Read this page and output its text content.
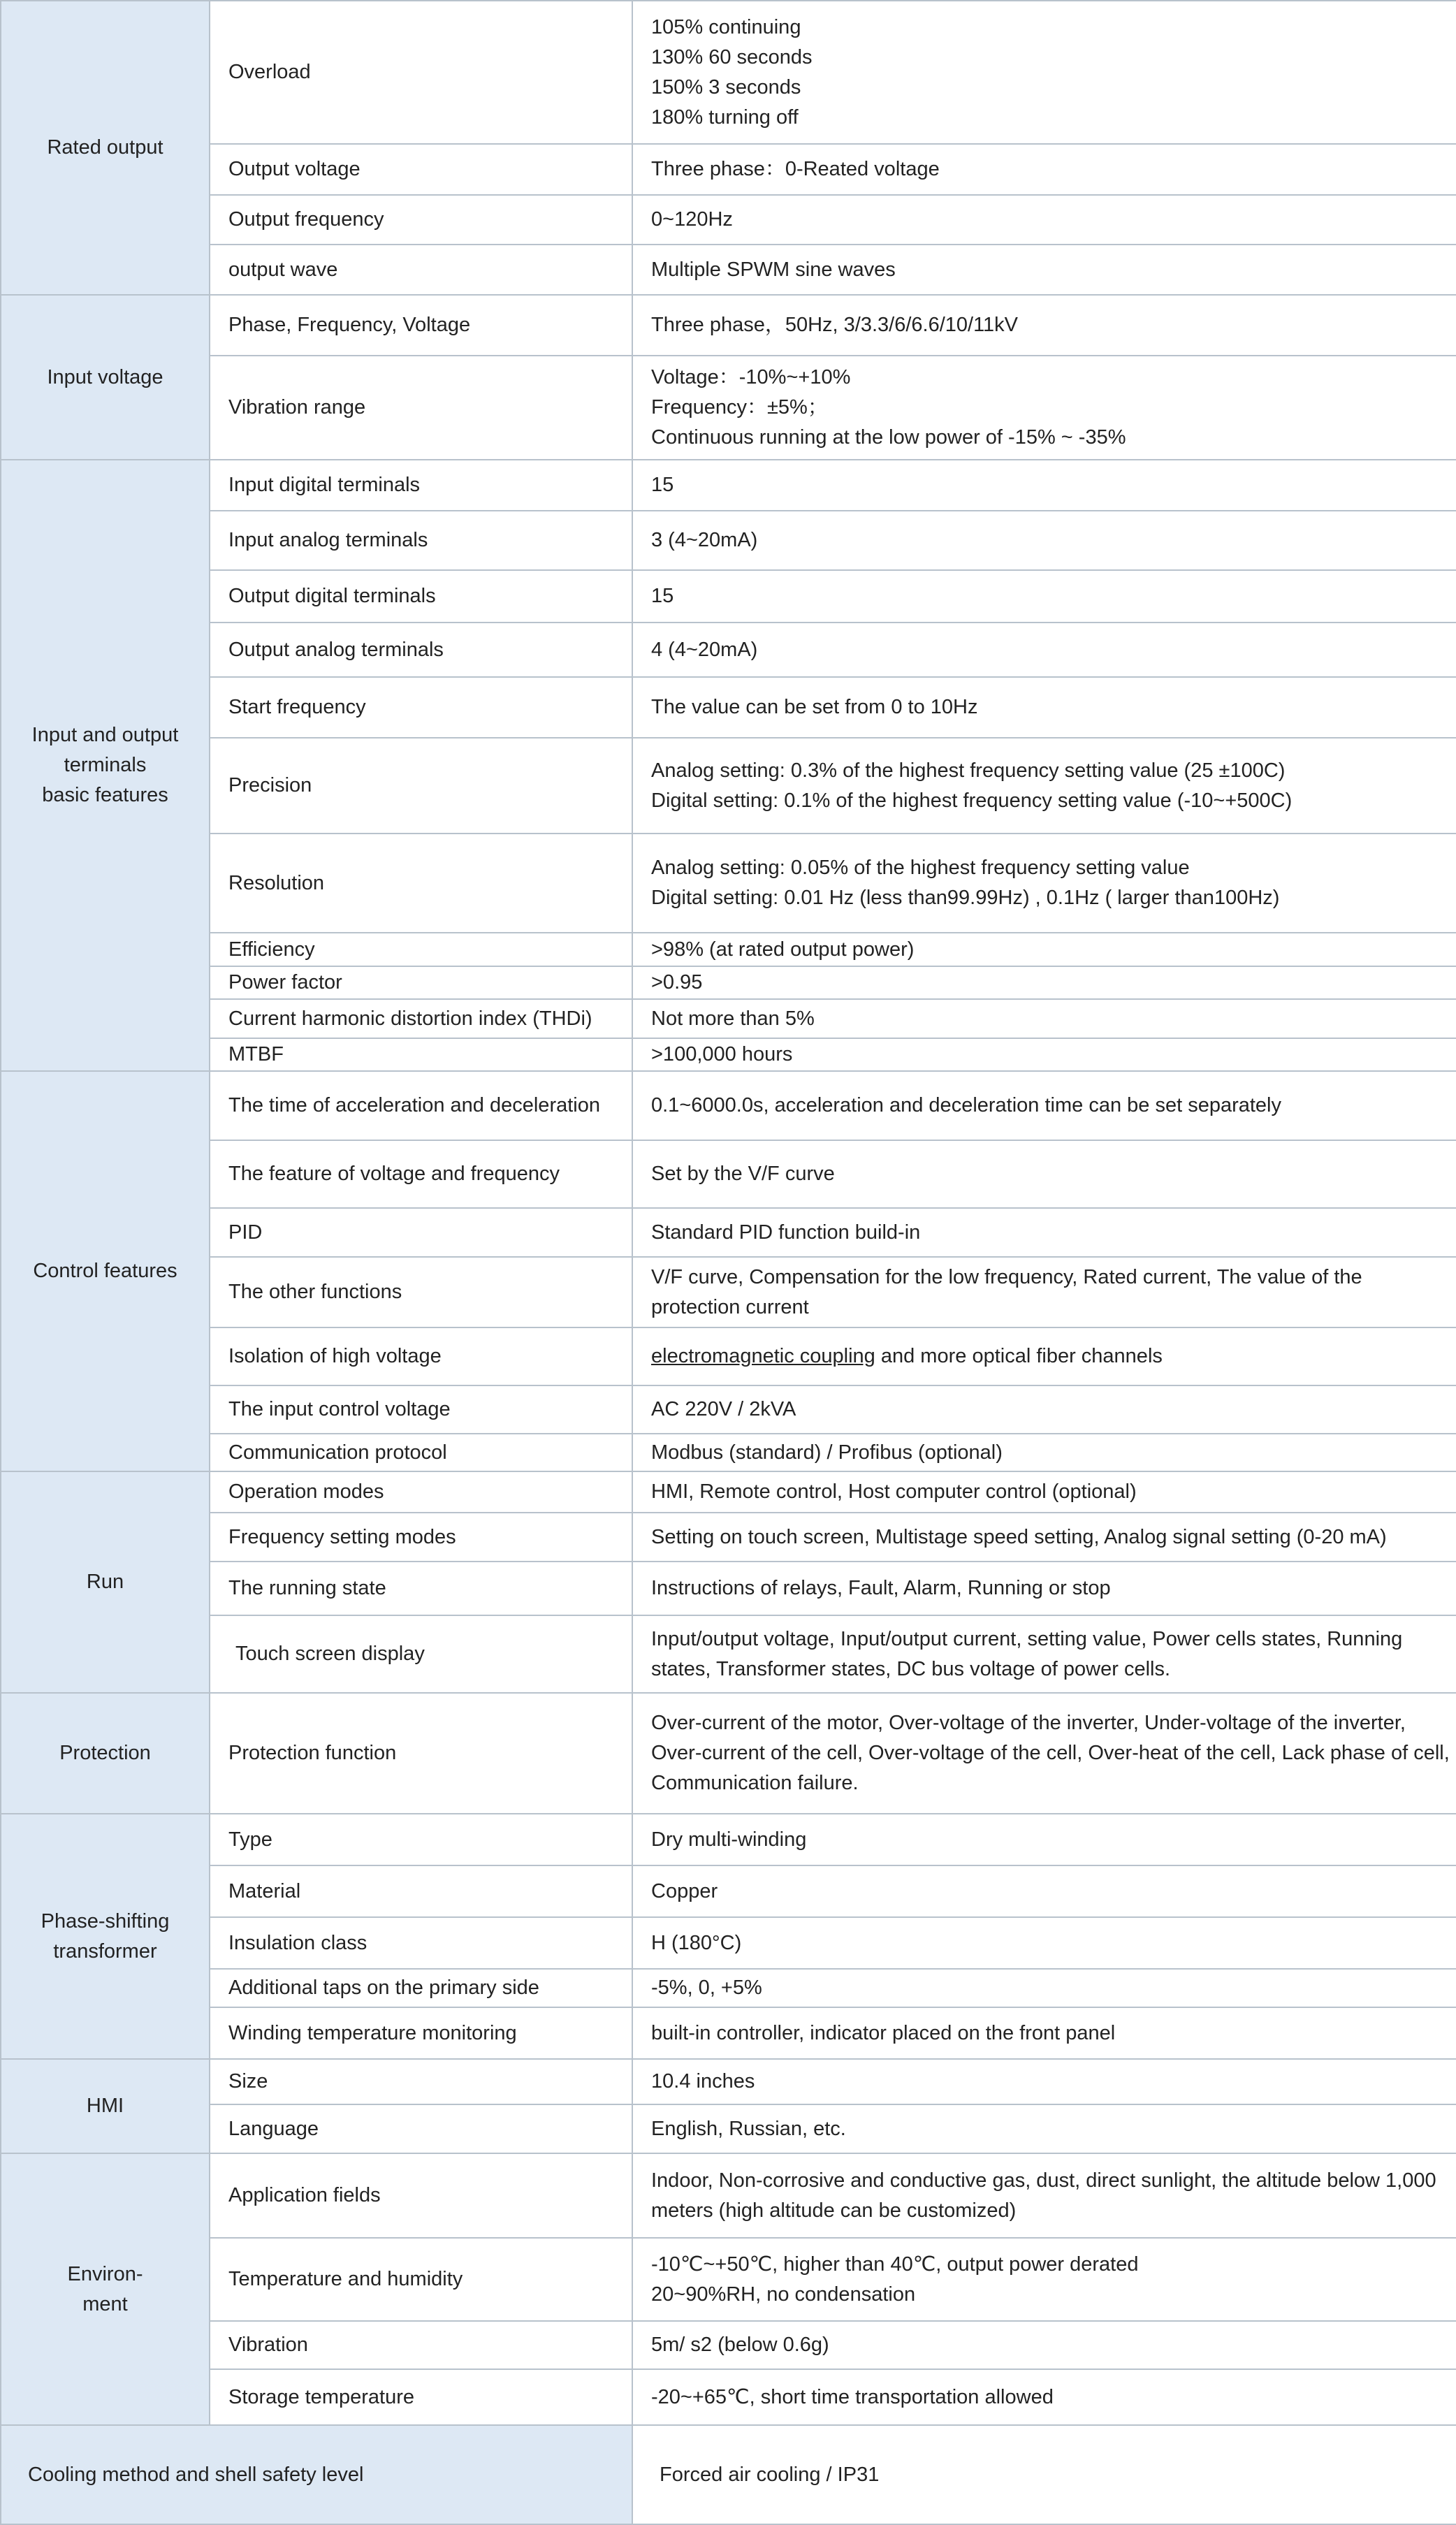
Rated output	Overload	105% continuing
130% 60 seconds
150% 3 seconds
180% turning off

	Output voltage	Three phase：0-Reated voltage

	Output frequency	0~120Hz

	output wave	Multiple SPWM sine waves

Input voltage	Phase, Frequency, Voltage	Three phase，50Hz, 3/3.3/6/6.6/10/11kV

	Vibration range	Voltage：-10%~+10%
Frequency：±5%；
Continuous running at the low power of -15% ~ -35%

Input and output
terminals
basic features	Input digital terminals	15

	Input analog terminals	3 (4~20mA)

	Output digital terminals	15

	Output analog terminals	4 (4~20mA)

	Start frequency	The value can be set from 0 to 10Hz

	Precision	Analog setting: 0.3% of the highest frequency setting value (25 ±100C)
Digital setting: 0.1% of the highest frequency setting value (-10~+500C)

	Resolution	Analog setting: 0.05% of the highest frequency setting value
Digital setting: 0.01 Hz (less than99.99Hz) , 0.1Hz ( larger than100Hz)

	Efficiency	>98% (at rated output power)

	Power factor	>0.95

	Current harmonic distortion index (THDi)	Not more than 5%

	MTBF	>100,000 hours

Control features	The time of acceleration and deceleration	0.1~6000.0s, acceleration and deceleration time can be set separately

	The feature of voltage and frequency	Set by the V/F curve

	PID	Standard PID function build-in

	The other functions	V/F curve, Compensation for the low frequency, Rated current, The value of the
protection current

	Isolation of high voltage	electromagnetic coupling and more optical fiber channels
	The input control voltage	AC 220V / 2kVA

	Communication protocol	Modbus (standard) / Profibus (optional)

Run	Operation modes	HMI, Remote control, Host computer control (optional)

	Frequency setting modes	Setting on touch screen, Multistage speed setting, Analog signal setting (0-20 mA)

	The running state	Instructions of relays, Fault, Alarm, Running or stop

	Touch screen display	Input/output voltage, Input/output current, setting value, Power cells states, Running
states, Transformer states, DC bus voltage of power cells.

Protection	Protection function	Over-current of the motor, Over-voltage of the inverter, Under-voltage of the inverter,
Over-current of the cell, Over-voltage of the cell, Over-heat of the cell, Lack phase of cell,
Communication failure.

Phase-shifting
transformer	Type	Dry multi-winding

	Material	Copper

	Insulation class	H (180°C)

	Additional taps on the primary side	-5%, 0, +5%

	Winding temperature monitoring	built-in controller, indicator placed on the front panel

HMI	Size	10.4 inches

	Language	English, Russian, etc.

Environ-
ment	Application fields	Indoor, Non-corrosive and conductive gas, dust, direct sunlight, the altitude below 1,000
meters (high altitude can be customized)

	Temperature and humidity	-10℃~+50℃, higher than 40℃, output power derated
20~90%RH, no condensation

	Vibration	5m/ s2 (below 0.6g)

	Storage temperature	-20~+65℃, short time transportation allowed

Cooling method and shell safety level		Forced air cooling / IP31
